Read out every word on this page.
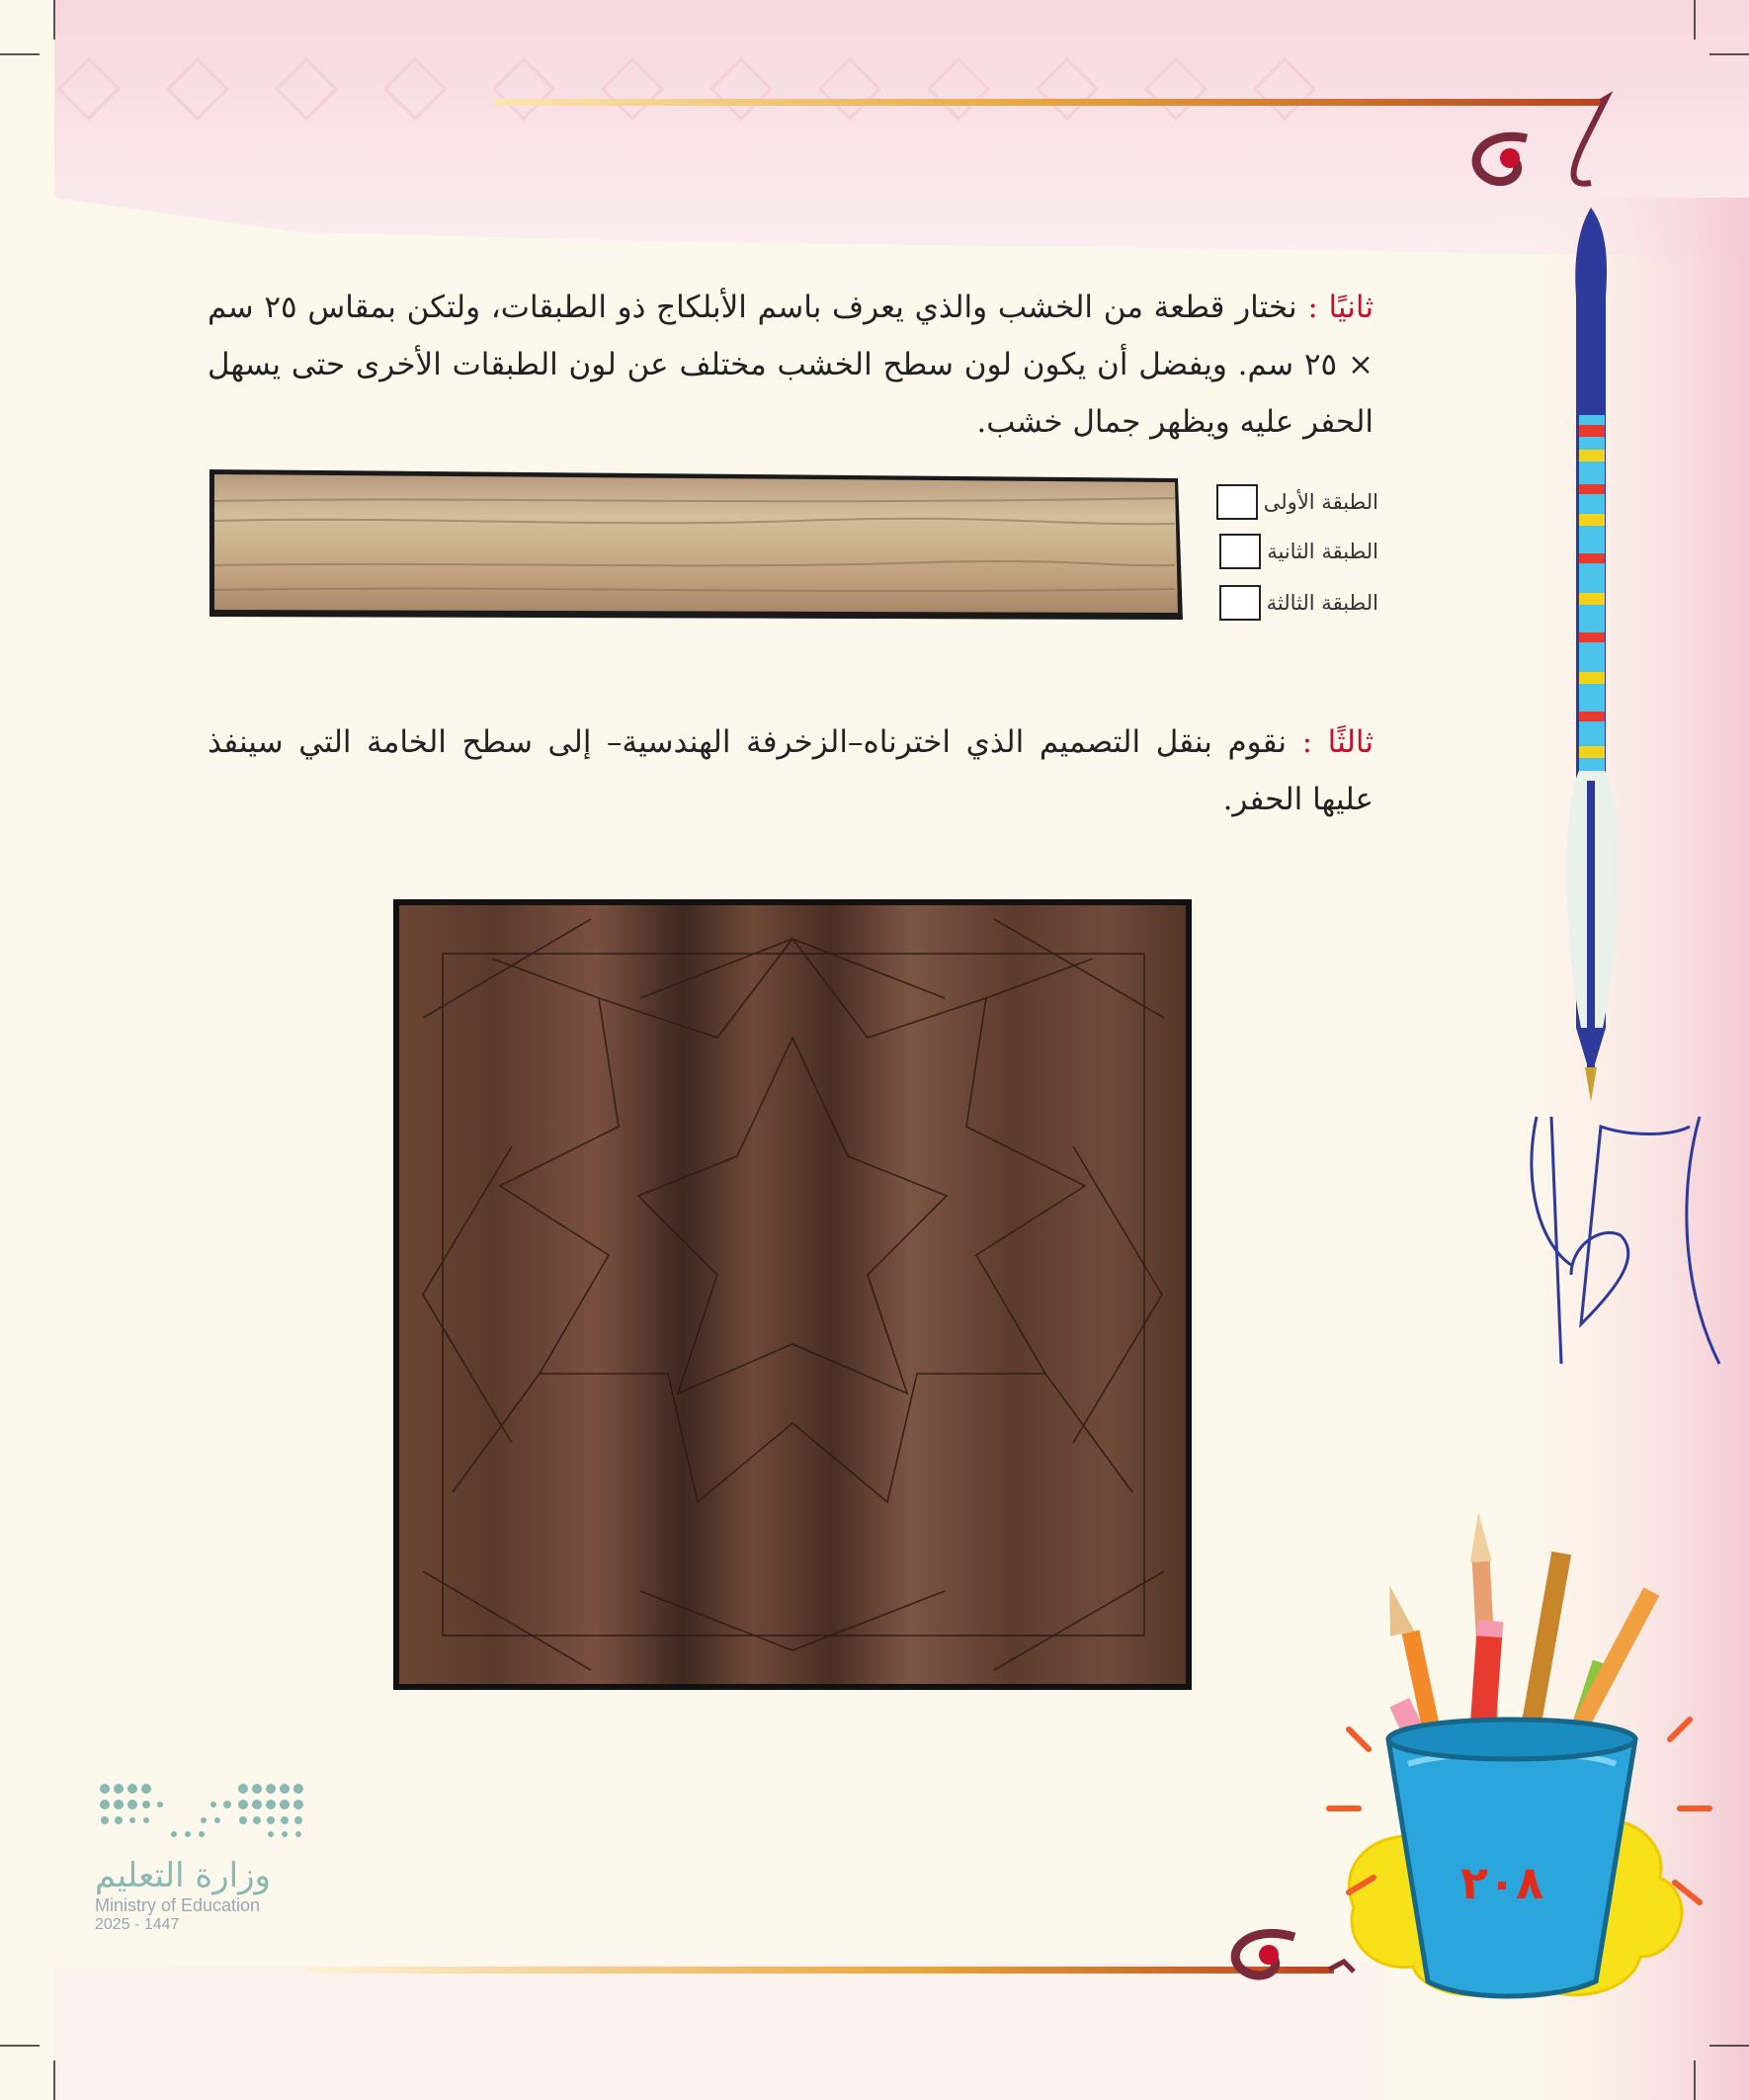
ثانيًا : نختار قطعة من الخشب والذي يعرف باسم الأبلكاج ذو الطبقات، ولتكن بمقاس ٢٥ سم × ٢٥ سم. ويفضل أن يكون لون سطح الخشب مختلف عن لون الطبقات الأخرى حتى يسهل الحفر عليه ويظهر جمال خشب.
الطبقة الأولى
الطبقة الثانية
الطبقة الثالثة
ثالثًا : نقوم بنقل التصميم الذي اخترناه–الزخرفة الهندسية– إلى سطح الخامة التي سينفذ عليها الحفر.
وزارة التعليم
Ministry of Education
2025 - 1447
٢٠٨
